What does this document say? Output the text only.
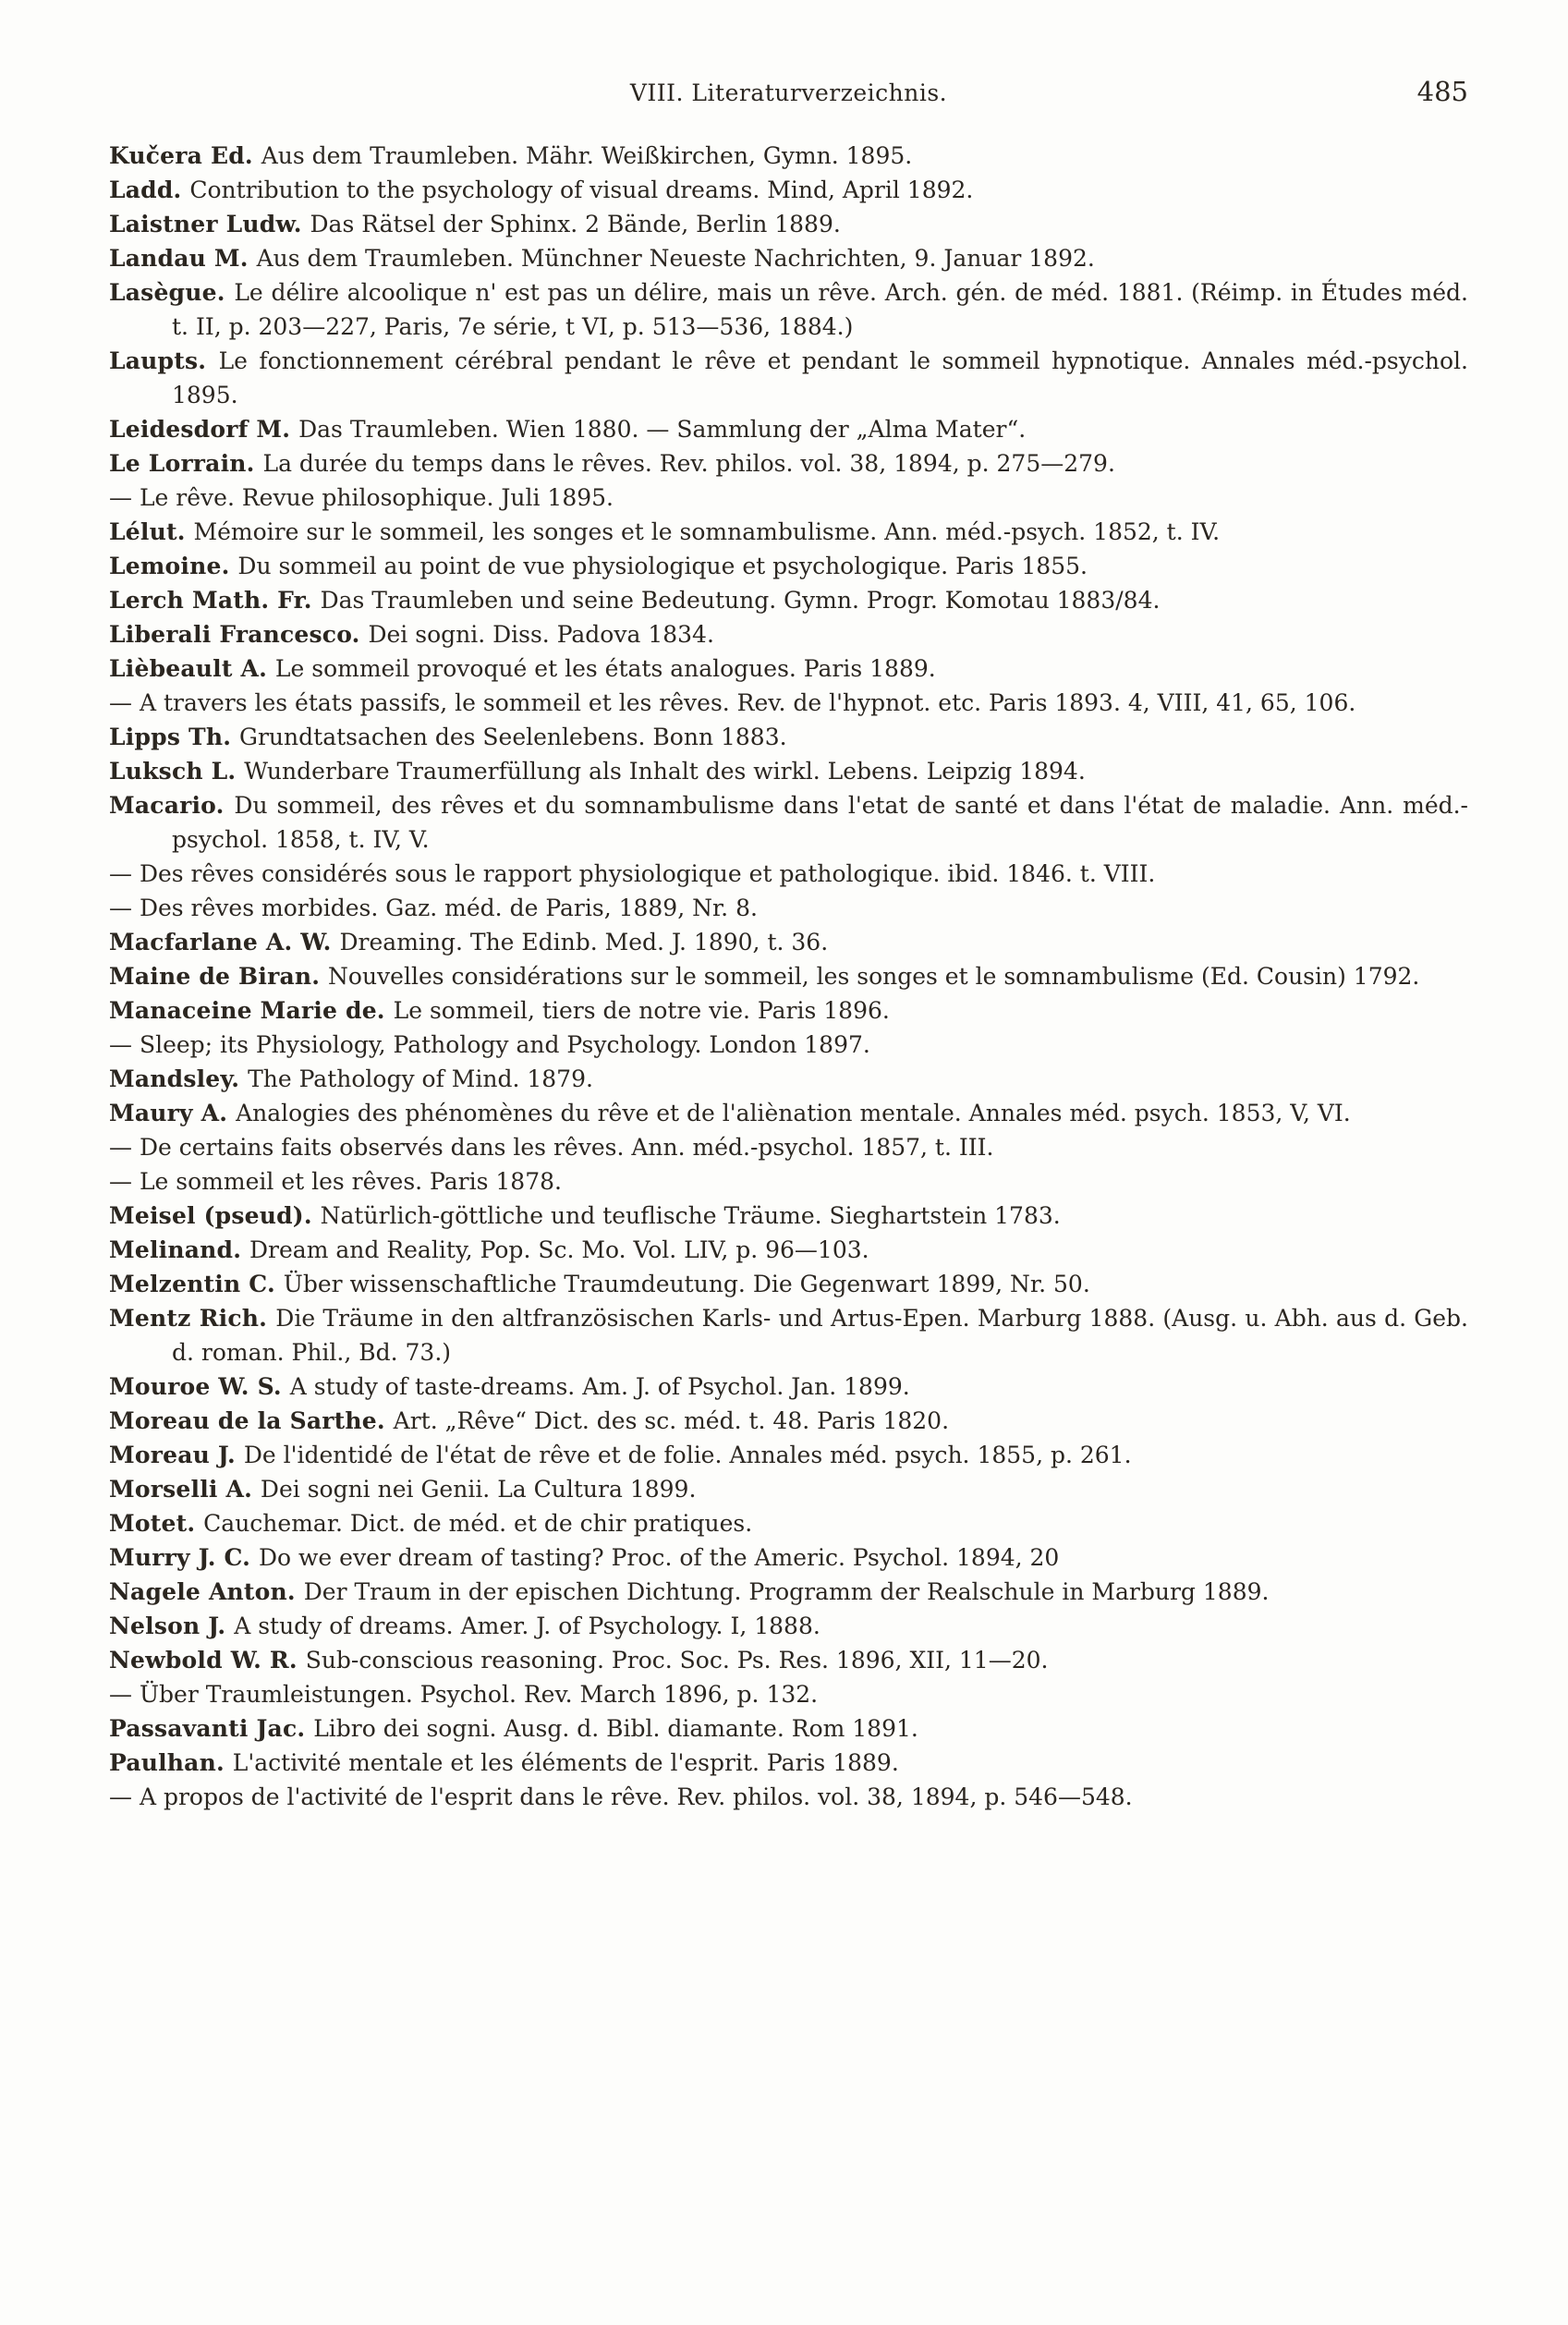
VIII. Literaturverzeichnis.	485
Kučera Ed. Aus dem Traumleben. Mähr. Weißkirchen, Gymn. 1895.
Ladd. Contribution to the psychology of visual dreams. Mind, April 1892.
Laistner Ludw. Das Rätsel der Sphinx. 2 Bände, Berlin 1889.
Landau M. Aus dem Traumleben. Münchner Neueste Nachrichten, 9. Januar 1892.
Lasègue. Le délire alcoolique n' est pas un délire, mais un rêve. Arch. gén. de méd. 1881. (Réimp. in Études méd. t. II, p. 203—227, Paris, 7e série, t VI, p. 513—536, 1884.)
Laupts. Le fonctionnement cérébral pendant le rêve et pendant le sommeil hypnotique. Annales méd.-psychol. 1895.
Leidesdorf M. Das Traumleben. Wien 1880. — Sammlung der „Alma Mater“.
Le Lorrain. La durée du temps dans le rêves. Rev. philos. vol. 38, 1894, p. 275—279.
— Le rêve. Revue philosophique. Juli 1895.
Lélut. Mémoire sur le sommeil, les songes et le somnambulisme. Ann. méd.-psych. 1852, t. IV.
Lemoine. Du sommeil au point de vue physiologique et psychologique. Paris 1855.
Lerch Math. Fr. Das Traumleben und seine Bedeutung. Gymn. Progr. Komotau 1883/84.
Liberali Francesco. Dei sogni. Diss. Padova 1834.
Lièbeault A. Le sommeil provoqué et les états analogues. Paris 1889.
— A travers les états passifs, le sommeil et les rêves. Rev. de l'hypnot. etc. Paris 1893. 4, VIII, 41, 65, 106.
Lipps Th. Grundtatsachen des Seelenlebens. Bonn 1883.
Luksch L. Wunderbare Traumerfüllung als Inhalt des wirkl. Lebens. Leipzig 1894.
Macario. Du sommeil, des rêves et du somnambulisme dans l'etat de santé et dans l'état de maladie. Ann. méd.-psychol. 1858, t. IV, V.
— Des rêves considérés sous le rapport physiologique et pathologique. ibid. 1846. t. VIII.
— Des rêves morbides. Gaz. méd. de Paris, 1889, Nr. 8.
Macfarlane A. W. Dreaming. The Edinb. Med. J. 1890, t. 36.
Maine de Biran. Nouvelles considérations sur le sommeil, les songes et le somnambulisme (Ed. Cousin) 1792.
Manaceine Marie de. Le sommeil, tiers de notre vie. Paris 1896.
— Sleep; its Physiology, Pathology and Psychology. London 1897.
Mandsley. The Pathology of Mind. 1879.
Maury A. Analogies des phénomènes du rêve et de l'aliènation mentale. Annales méd. psych. 1853, V, VI.
— De certains faits observés dans les rêves. Ann. méd.-psychol. 1857, t. III.
— Le sommeil et les rêves. Paris 1878.
Meisel (pseud). Natürlich-göttliche und teuflische Träume. Sieghartstein 1783.
Melinand. Dream and Reality, Pop. Sc. Mo. Vol. LIV, p. 96—103.
Melzentin C. Über wissenschaftliche Traumdeutung. Die Gegenwart 1899, Nr. 50.
Mentz Rich. Die Träume in den altfranzösischen Karls- und Artus-Epen. Marburg 1888. (Ausg. u. Abh. aus d. Geb. d. roman. Phil., Bd. 73.)
Mouroe W. S. A study of taste-dreams. Am. J. of Psychol. Jan. 1899.
Moreau de la Sarthe. Art. „Rêve“ Dict. des sc. méd. t. 48. Paris 1820.
Moreau J. De l'identidé de l'état de rêve et de folie. Annales méd. psych. 1855, p. 261.
Morselli A. Dei sogni nei Genii. La Cultura 1899.
Motet. Cauchemar. Dict. de méd. et de chir pratiques.
Murry J. C. Do we ever dream of tasting? Proc. of the Americ. Psychol. 1894, 20
Nagele Anton. Der Traum in der epischen Dichtung. Programm der Realschule in Marburg 1889.
Nelson J. A study of dreams. Amer. J. of Psychology. I, 1888.
Newbold W. R. Sub-conscious reasoning. Proc. Soc. Ps. Res. 1896, XII, 11—20.
— Über Traumleistungen. Psychol. Rev. March 1896, p. 132.
Passavanti Jac. Libro dei sogni. Ausg. d. Bibl. diamante. Rom 1891.
Paulhan. L'activité mentale et les éléments de l'esprit. Paris 1889.
— A propos de l'activité de l'esprit dans le rêve. Rev. philos. vol. 38, 1894, p. 546—548.
